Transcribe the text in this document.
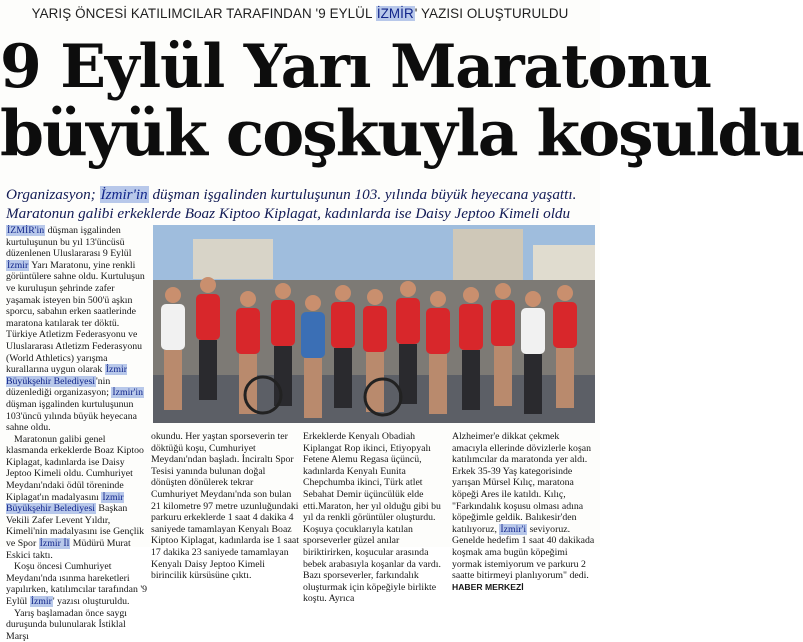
YARIŞ ÖNCESİ KATILIMCILAR TARAFINDAN '9 EYLÜL İZMİR' YAZISI OLUŞTURULDU
9 Eylül Yarı Maratonu
büyük coşkuyla koşuldu
Organizasyon; İzmir'in düşman işgalinden kurtuluşunun 103. yılında büyük heyecana yaşattı.
Maratonun galibi erkeklerde Boaz Kiptoo Kiplagat, kadınlarda ise Daisy Jeptoo Kimeli oldu
İZMİR'in düşman işgalinden kurtuluşunun bu yıl 13'üncüsü düzenlenen Uluslararası 9 Eylül İzmir Yarı Maratonu, yine renkli görüntülere sahne oldu. Kurtuluşun ve kuruluşun şehrinde zafer yaşamak isteyen bin 500'ü aşkın sporcu, sabahın erken saatlerinde maratona katılarak ter döktü. Türkiye Atletizm Federasyonu ve Uluslararası Atletizm Federasyonu (World Athletics) yarışma kurallarına uygun olarak İzmir Büyükşehir Belediyesi'nin düzenlediği organizasyon; İzmir'in düşman işgalinden kurtuluşunun 103'üncü yılında büyük heyecana sahne oldu.
Maratonun galibi genel klasmanda erkeklerde Boaz Kiptoo Kiplagat, kadınlarda ise Daisy Jeptoo Kimeli oldu. Cumhuriyet Meydanı'ndaki ödül töreninde Kiplagat'ın madalyasını İzmir Büyükşehir Belediyesi Başkan Vekili Zafer Levent Yıldır, Kimeli'nin madalyasını ise Gençlik ve Spor İzmir İl Müdürü Murat Eskici taktı.
Koşu öncesi Cumhuriyet Meydanı'nda ısınma hareketleri yapılırken, katılımcılar tarafından '9 Eylül İzmir' yazısı oluşturuldu.
Yarış başlamadan önce saygı duruşunda bulunularak İstiklal Marşı
okundu. Her yaştan sporseverin ter döktüğü koşu, Cumhuriyet Meydanı'ndan başladı. İnciraltı Spor Tesisi yanında bulunan doğal dönüşten dönülerek tekrar Cumhuriyet Meydanı'nda son bulan 21 kilometre 97 metre uzunluğundaki parkuru erkeklerde 1 saat 4 dakika 4 saniyede tamamlayan Kenyalı Boaz Kiptoo Kiplagat, kadınlarda ise 1 saat 17 dakika 23 saniyede tamamlayan Kenyalı Daisy Jeptoo Kimeli birincilik kürsüsüne çıktı.
Erkeklerde Kenyalı Obadiah Kiplangat Rop ikinci, Etiyopyalı Fetene Alemu Regasa üçüncü, kadınlarda Kenyalı Eunita Chepchumba ikinci, Türk atlet Sebahat Demir üçüncülük elde etti.Maraton, her yıl olduğu gibi bu yıl da renkli görüntüler oluşturdu. Koşuya çocuklarıyla katılan sporseverler güzel anılar biriktirirken, koşucular arasında bebek arabasıyla koşanlar da vardı. Bazı sporseverler, farkındalık oluşturmak için köpeğiyle birlikte koştu. Ayrıca
Alzheimer'e dikkat çekmek amacıyla ellerinde dövizlerle koşan katılımcılar da maratonda yer aldı. Erkek 35-39 Yaş kategorisinde yarışan Mürsel Kılıç, maratona köpeği Ares ile katıldı. Kılıç, "Farkındalık koşusu olması adına köpeğimle geldik. Balıkesir'den katılıyoruz, İzmir'i seviyoruz. Genelde hedefim 1 saat 40 dakikada koşmak ama bugün köpeğimi yormak istemiyorum ve parkuru 2 saatte bitirmeyi planlıyorum" dedi. HABER MERKEZİ
